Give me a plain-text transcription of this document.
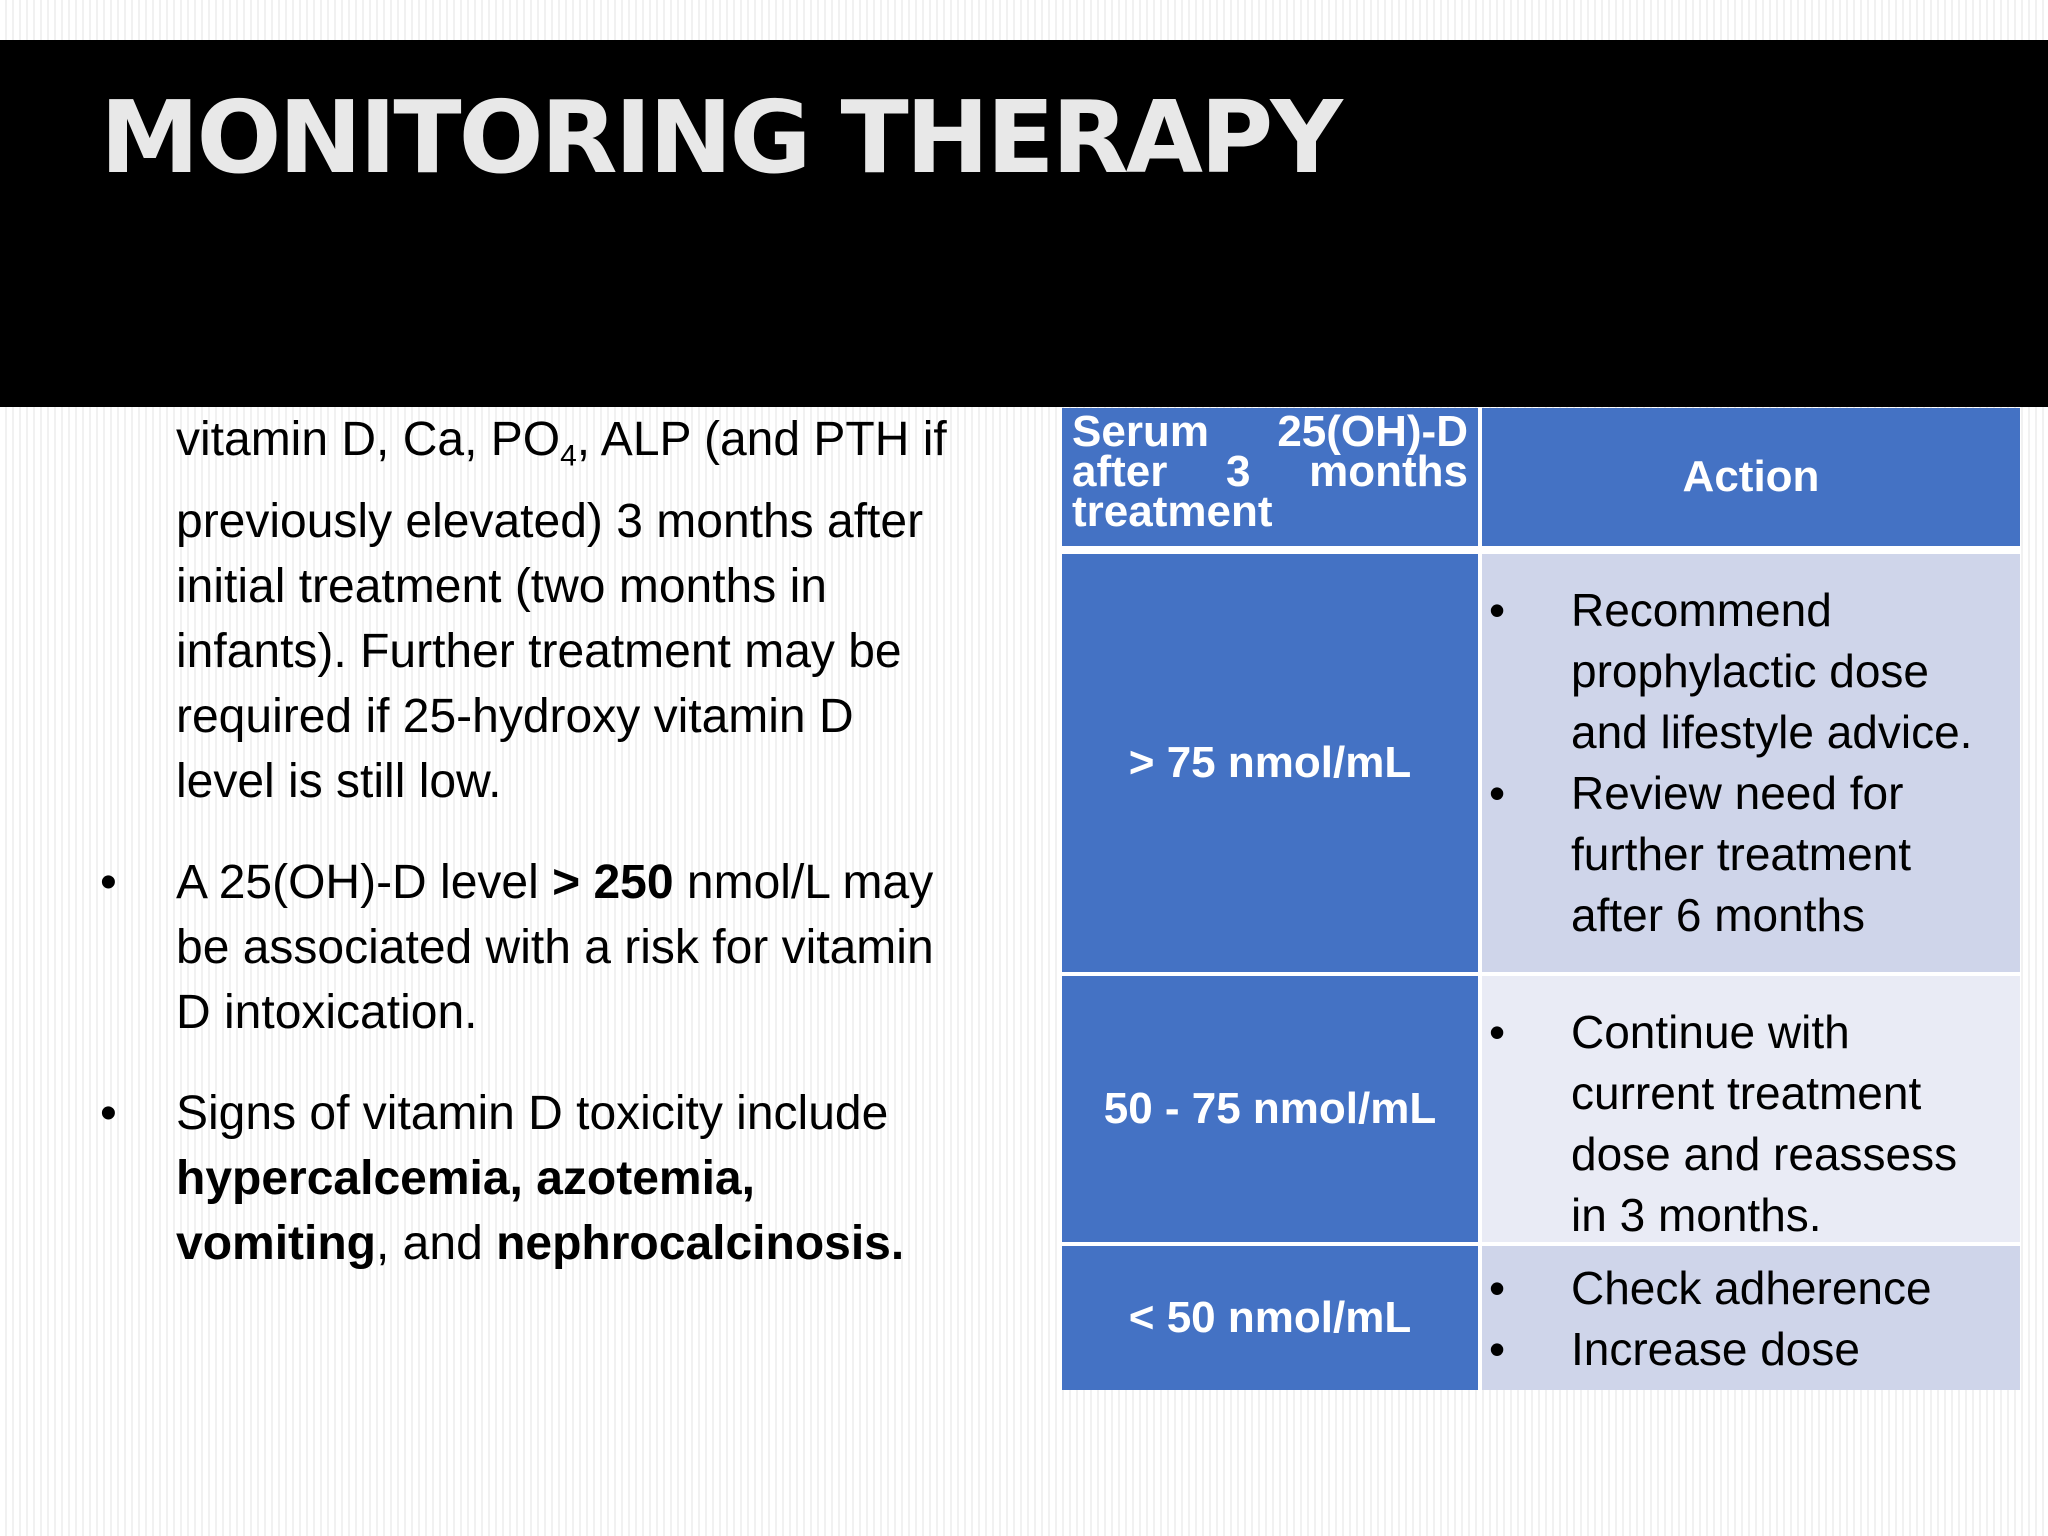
MONITORING THERAPY

vitamin D, Ca, $PO_4$, ALP (and PTH if
previously elevated) 3 months after
initial treatment (two months in
infants). Further treatment may be
required if 25-hydroxy vitamin D
level is still low.

• A 25(OH)-D level > 250 nmol/L may
be associated with a risk for vitamin
D intoxication.

• Signs of vitamin D toxicity include
hypercalcemia, azotemia,
vomiting, and nephrocalcinosis.

Serum 25(OH)-D
after 3 months
treatment
Action
> 75 nmol/mL
• Recommend prophylactic dose and lifestyle advice.
• Review need for further treatment after 6 months
50 - 75 nmol/mL
• Continue with current treatment dose and reassess in 3 months.
< 50 nmol/mL
• Check adherence
• Increase dose
